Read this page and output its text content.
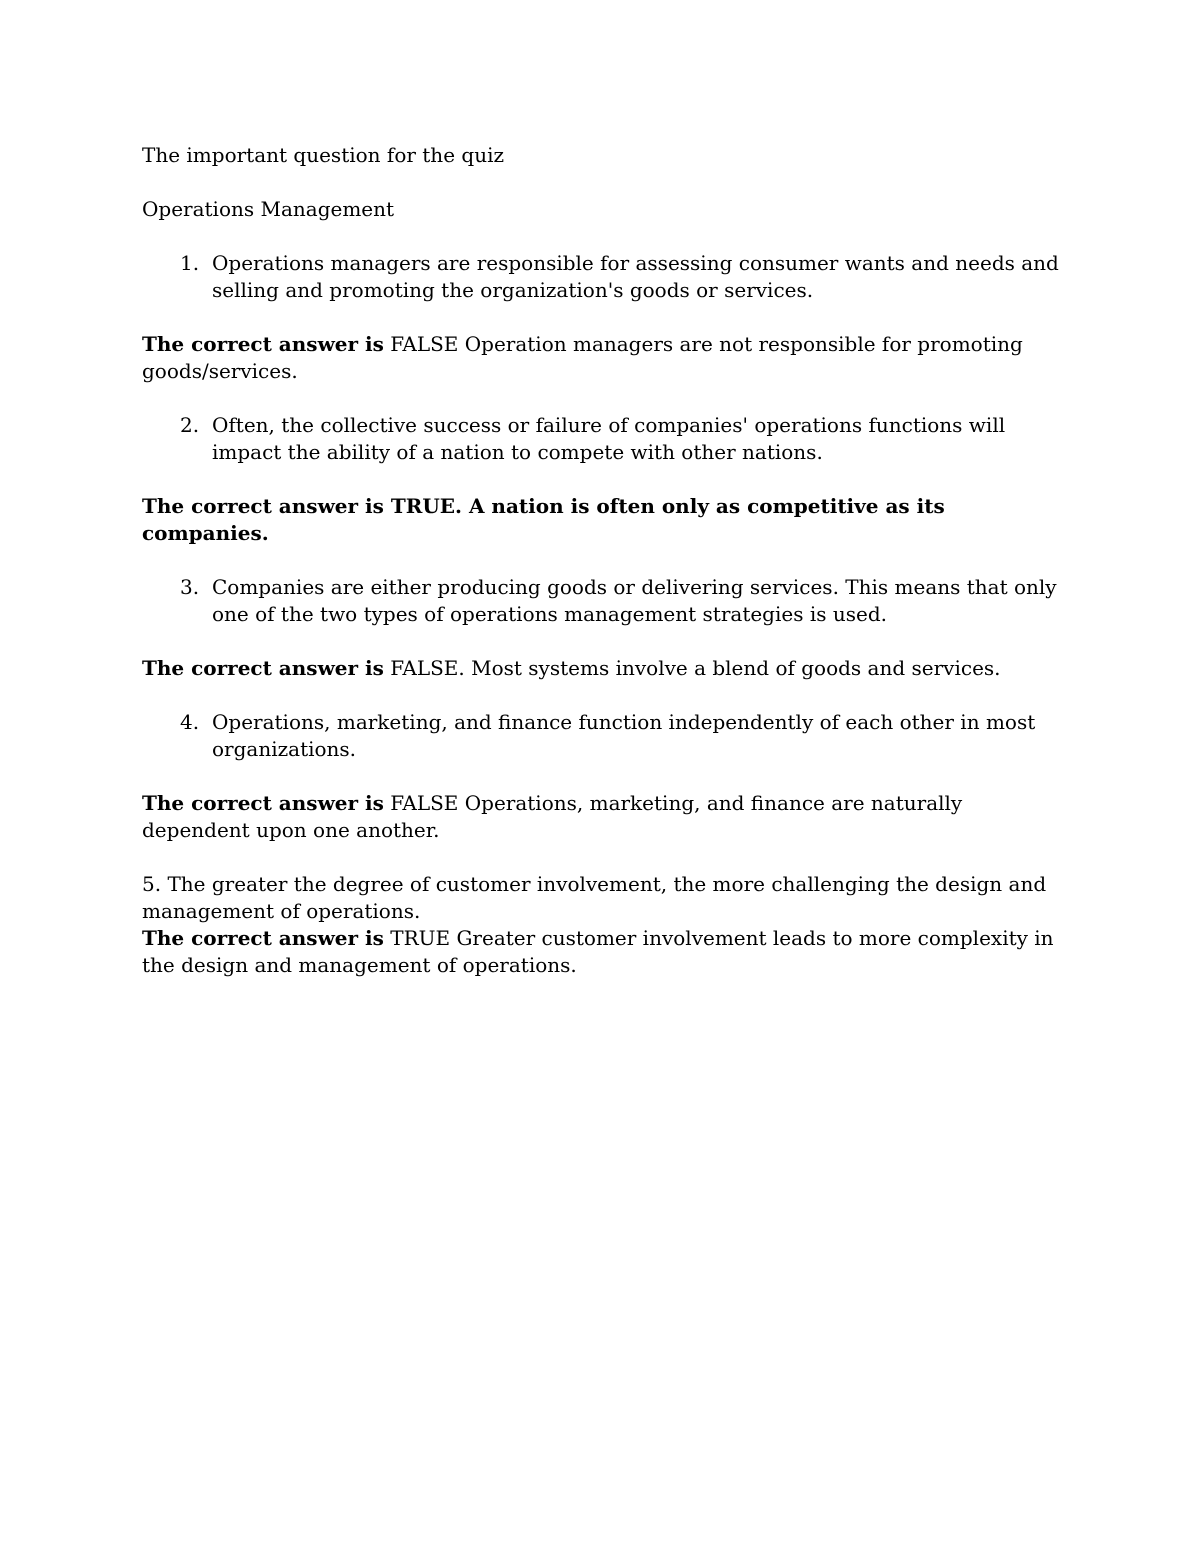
The important question for the quiz

Operations Management

1. Operations managers are responsible for assessing consumer wants and needs and selling and promoting the organization's goods or services.

The correct answer is FALSE Operation managers are not responsible for promoting goods/services.

2. Often, the collective success or failure of companies' operations functions will impact the ability of a nation to compete with other nations.

The correct answer is TRUE. A nation is often only as competitive as its companies.

3. Companies are either producing goods or delivering services. This means that only one of the two types of operations management strategies is used.

The correct answer is FALSE. Most systems involve a blend of goods and services.

4. Operations, marketing, and finance function independently of each other in most organizations.

The correct answer is FALSE Operations, marketing, and finance are naturally dependent upon one another.

5. The greater the degree of customer involvement, the more challenging the design and management of operations.

The correct answer is TRUE Greater customer involvement leads to more complexity in the design and management of operations.
